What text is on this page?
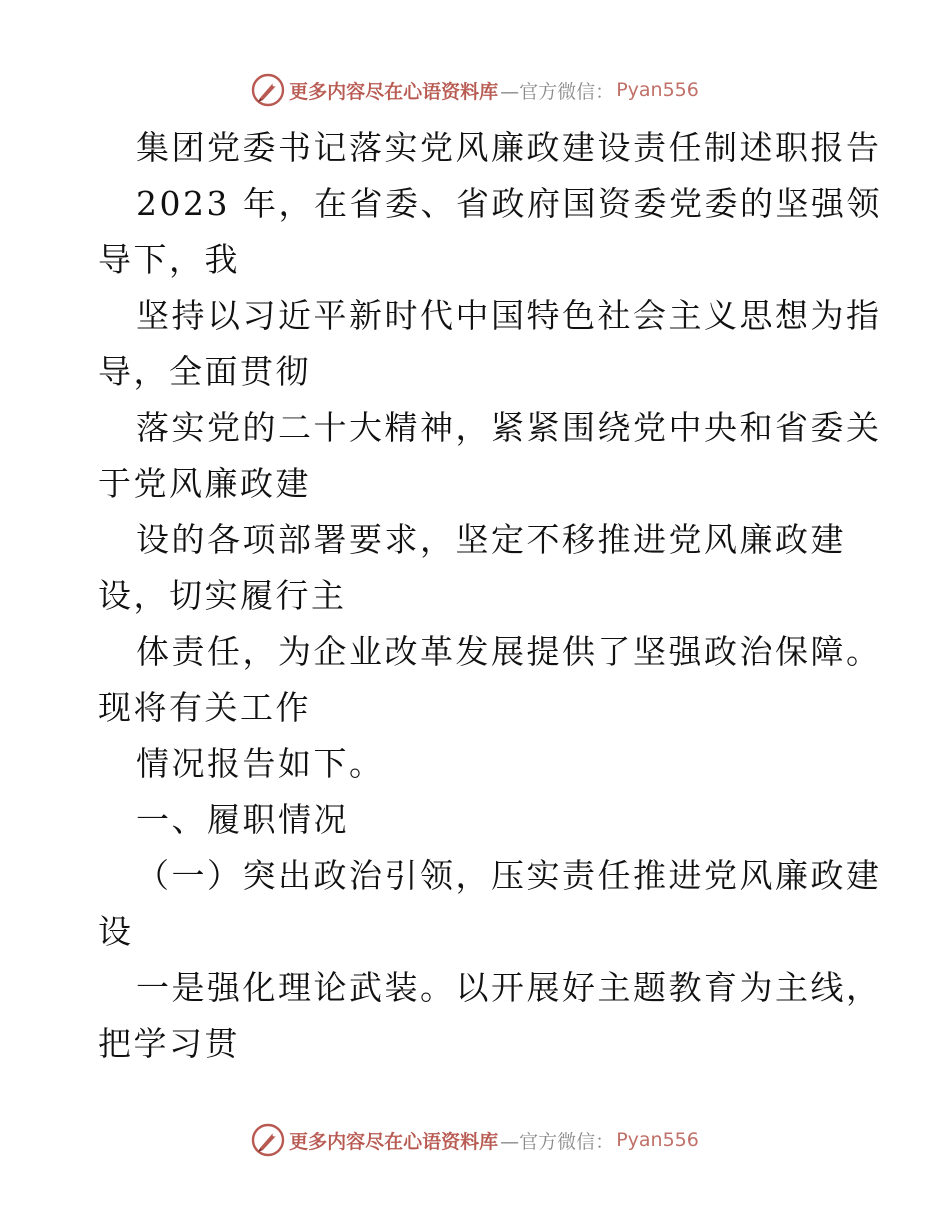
更多内容尽在心语资料库 —官方微信： Pyan556

集团党委书记落实党风廉政建设责任制述职报告

2023 年，在省委、省政府国资委党委的坚强领
导下，我

坚持以习近平新时代中国特色社会主义思想为指
导，全面贯彻

落实党的二十大精神，紧紧围绕党中央和省委关
于党风廉政建

设的各项部署要求，坚定不移推进党风廉政建
设，切实履行主

体责任，为企业改革发展提供了坚强政治保障。
现将有关工作

情况报告如下。

一、履职情况

（一）突出政治引领，压实责任推进党风廉政建
设

一是强化理论武装。以开展好主题教育为主线，
把学习贯

更多内容尽在心语资料库 —官方微信： Pyan556
